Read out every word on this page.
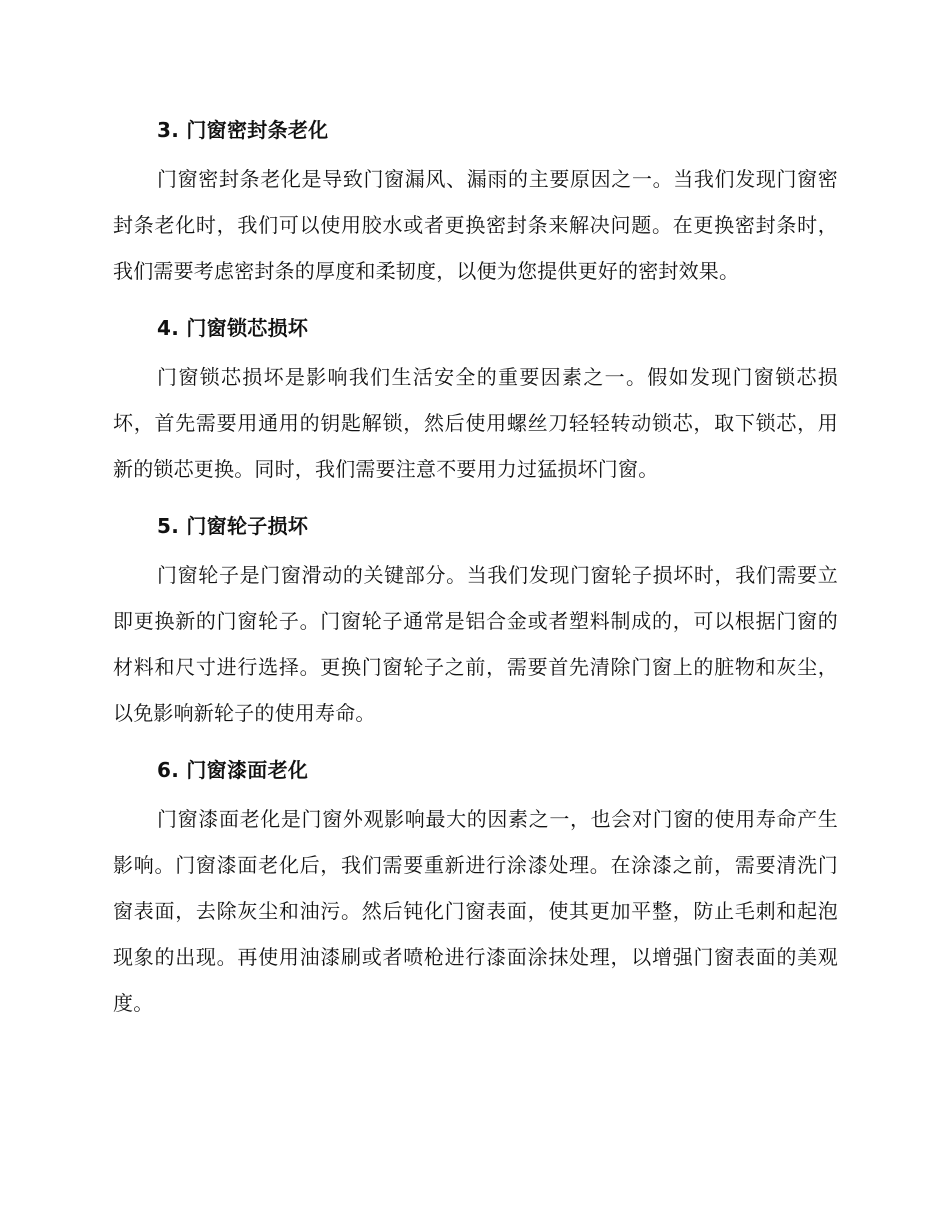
3. 门窗密封条老化

门窗密封条老化是导致门窗漏风、漏雨的主要原因之一。当我们发现门窗密封条老化时，我们可以使用胶水或者更换密封条来解决问题。在更换密封条时，我们需要考虑密封条的厚度和柔韧度，以便为您提供更好的密封效果。

4. 门窗锁芯损坏

门窗锁芯损坏是影响我们生活安全的重要因素之一。假如发现门窗锁芯损坏，首先需要用通用的钥匙解锁，然后使用螺丝刀轻轻转动锁芯，取下锁芯，用新的锁芯更换。同时，我们需要注意不要用力过猛损坏门窗。

5. 门窗轮子损坏

门窗轮子是门窗滑动的关键部分。当我们发现门窗轮子损坏时，我们需要立即更换新的门窗轮子。门窗轮子通常是铝合金或者塑料制成的，可以根据门窗的材料和尺寸进行选择。更换门窗轮子之前，需要首先清除门窗上的脏物和灰尘，以免影响新轮子的使用寿命。

6. 门窗漆面老化

门窗漆面老化是门窗外观影响最大的因素之一，也会对门窗的使用寿命产生影响。门窗漆面老化后，我们需要重新进行涂漆处理。在涂漆之前，需要清洗门窗表面，去除灰尘和油污。然后钝化门窗表面，使其更加平整，防止毛刺和起泡现象的出现。再使用油漆刷或者喷枪进行漆面涂抹处理，以增强门窗表面的美观度。
